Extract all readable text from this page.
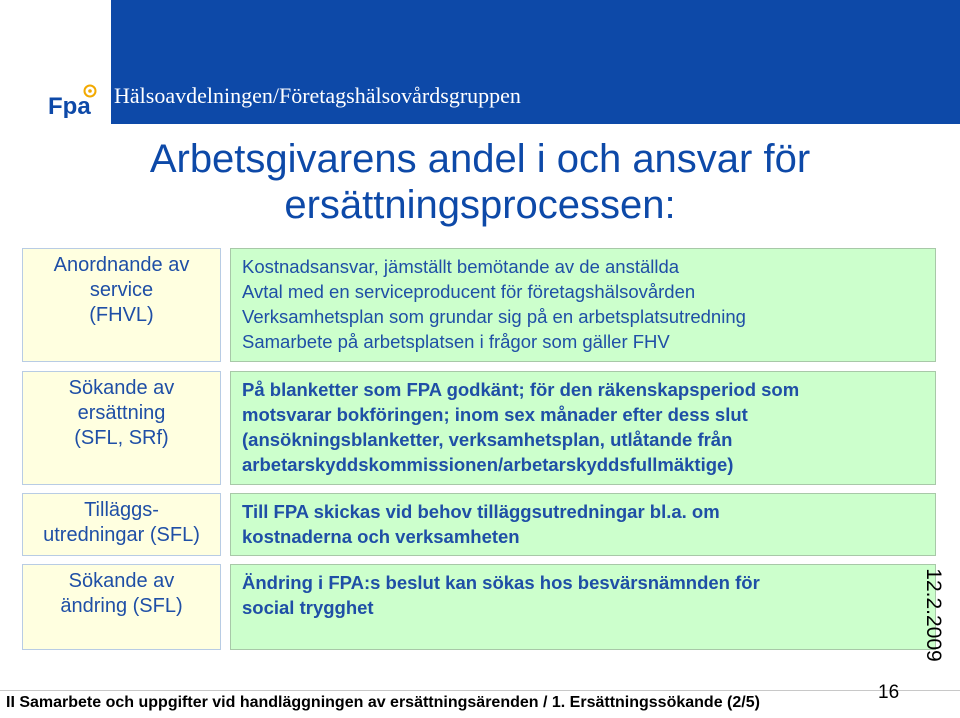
Fpa Hälsoavdelningen/Företagshälsovårdsgruppen
Arbetsgivarens andel i och ansvar för
ersättningsprocessen:
Anordnande av
service
(FHVL)
Kostnadsansvar, jämställt bemötande av de anställda
Avtal med en serviceproducent för företagshälsovården
Verksamhetsplan som grundar sig på en arbetsplatsutredning
Samarbete på arbetsplatsen i frågor som gäller FHV
Sökande av
ersättning
(SFL, SRf)
På blanketter som FPA godkänt; för den räkenskapsperiod som
motsvarar bokföringen; inom sex månader efter dess slut
(ansökningsblanketter, verksamhetsplan, utlåtande från
arbetarskyddskommissionen/arbetarskyddsfullmäktige)
Tilläggs-
utredningar (SFL)
Till FPA skickas vid behov tilläggsutredningar bl.a. om
kostnaderna och verksamheten
Sökande av
ändring (SFL)
Ändring i FPA:s beslut kan sökas hos besvärsnämnden för
social trygghet	12.2.2009
II Samarbete och uppgifter vid handläggningen av ersättningsärenden / 1. Ersättningssökande (2/5)	16
